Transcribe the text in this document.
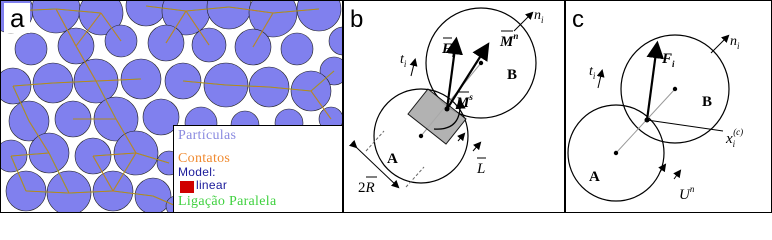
a
Partículas
Contatos
Model:
linear
Ligação Paralela
b	$n_i$
$t_i$
$F_i$
$M^n$
$M^s$
A
B
L
2R
c
$n_i$
$t_i$
$F_i$
A
B
$x_i(c)$
$U^n$
